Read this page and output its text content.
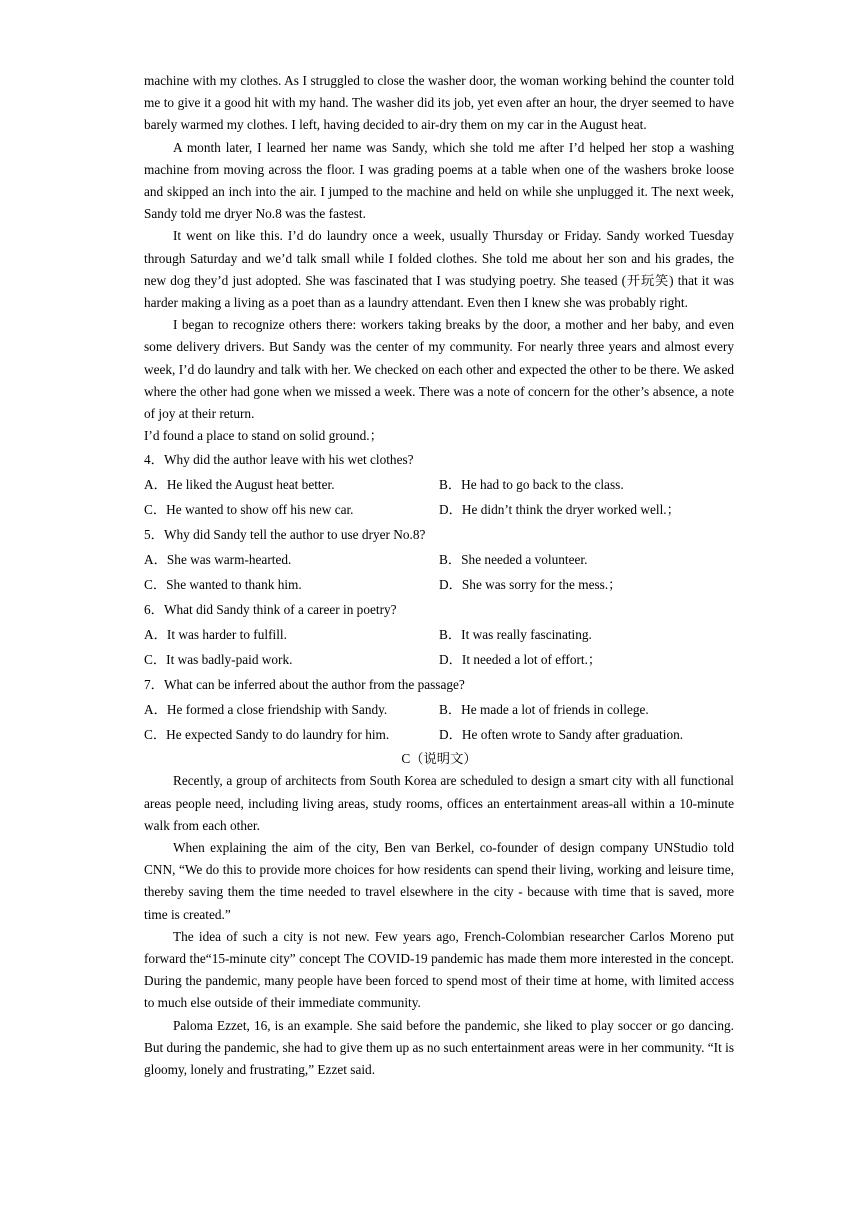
machine with my clothes. As I struggled to close the washer door, the woman working behind the counter told me to give it a good hit with my hand. The washer did its job, yet even after an hour, the dryer seemed to have barely warmed my clothes. I left, having decided to air-dry them on my car in the August heat.

A month later, I learned her name was Sandy, which she told me after I’d helped her stop a washing machine from moving across the floor. I was grading poems at a table when one of the washers broke loose and skipped an inch into the air. I jumped to the machine and held on while she unplugged it. The next week, Sandy told me dryer No.8 was the fastest.

It went on like this. I’d do laundry once a week, usually Thursday or Friday. Sandy worked Tuesday through Saturday and we’d talk small while I folded clothes. She told me about her son and his grades, the new dog they’d just adopted. She was fascinated that I was studying poetry. She teased (开玩笑) that it was harder making a living as a poet than as a laundry attendant. Even then I knew she was probably right.

I began to recognize others there: workers taking breaks by the door, a mother and her baby, and even some delivery drivers. But Sandy was the center of my community. For nearly three years and almost every week, I’d do laundry and talk with her. We checked on each other and expected the other to be there. We asked where the other had gone when we missed a week. There was a note of concern for the other’s absence, a note of joy at their return.

I’d found a place to stand on solid ground.；

4．Why did the author leave with his wet clothes?

A．He liked the August heat better.	B．He had to go back to the class.
C．He wanted to show off his new car.	D．He didn’t think the dryer worked well.；

5．Why did Sandy tell the author to use dryer No.8?

A．She was warm-hearted.	B．She needed a volunteer.
C．She wanted to thank him.	D．She was sorry for the mess.；

6．What did Sandy think of a career in poetry?

A．It was harder to fulfill.	B．It was really fascinating.
C．It was badly-paid work.	D．It needed a lot of effort.；

7．What can be inferred about the author from the passage?

A．He formed a close friendship with Sandy.	B．He made a lot of friends in college.
C．He expected Sandy to do laundry for him.	D．He often wrote to Sandy after graduation.

C（说明文）

Recently, a group of architects from South Korea are scheduled to design a smart city with all functional areas people need, including living areas, study rooms, offices an entertainment areas-all within a 10-minute walk from each other.

When explaining the aim of the city, Ben van Berkel, co-founder of design company UNStudio told CNN, “We do this to provide more choices for how residents can spend their living, working and leisure time, thereby saving them the time needed to travel elsewhere in the city - because with time that is saved, more time is created.”

The idea of such a city is not new. Few years ago, French-Colombian researcher Carlos Moreno put forward the“15-minute city” concept The COVID-19 pandemic has made them more interested in the concept. During the pandemic, many people have been forced to spend most of their time at home, with limited access to much else outside of their immediate community.

Paloma Ezzet, 16, is an example. She said before the pandemic, she liked to play soccer or go dancing. But during the pandemic, she had to give them up as no such entertainment areas were in her community. “It is gloomy, lonely and frustrating,” Ezzet said.
